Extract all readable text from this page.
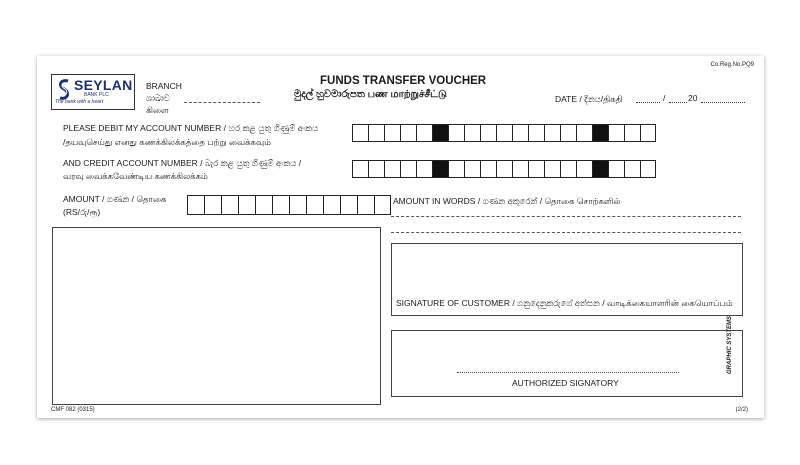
Co.Reg.No.PQ9
SEYLAN
BANK PLC
The bank with a heart
BRANCH
ශාඛාව
கிளை
FUNDS TRANSFER VOUCHER
මුදල් හුවමාරුපත பண மாற்றுச்சீட்டு	DATE / දිනය/திகதி	/	20
PLEASE DEBIT MY ACCOUNT NUMBER / හර කළ යුතු ගිණුම් අංකය
/தயவுசெய்து எனது கணக்கிலக்கத்தை பற்று வைக்கவும்
AND CREDIT ACCOUNT NUMBER / බැර කළ යුතු ගිණුම් අංකය /
வரவு வைக்கவேண்டிய கணக்கிலக்கம்
AMOUNT / ගණන / தொகை
(RS/රු/ரூ)
AMOUNT IN WORDS / ගණන අකුරෙන් / தொகை சொற்களில்
SIGNATURE OF CUSTOMER / ගනුදෙනුකරුගේ අත්සන / வாடிக்கையாளரின் கையொப்பம்
AUTHORIZED SIGNATORY
GRAPHIC SYSTEMS
CMF 082 (0315)	(2/2)
